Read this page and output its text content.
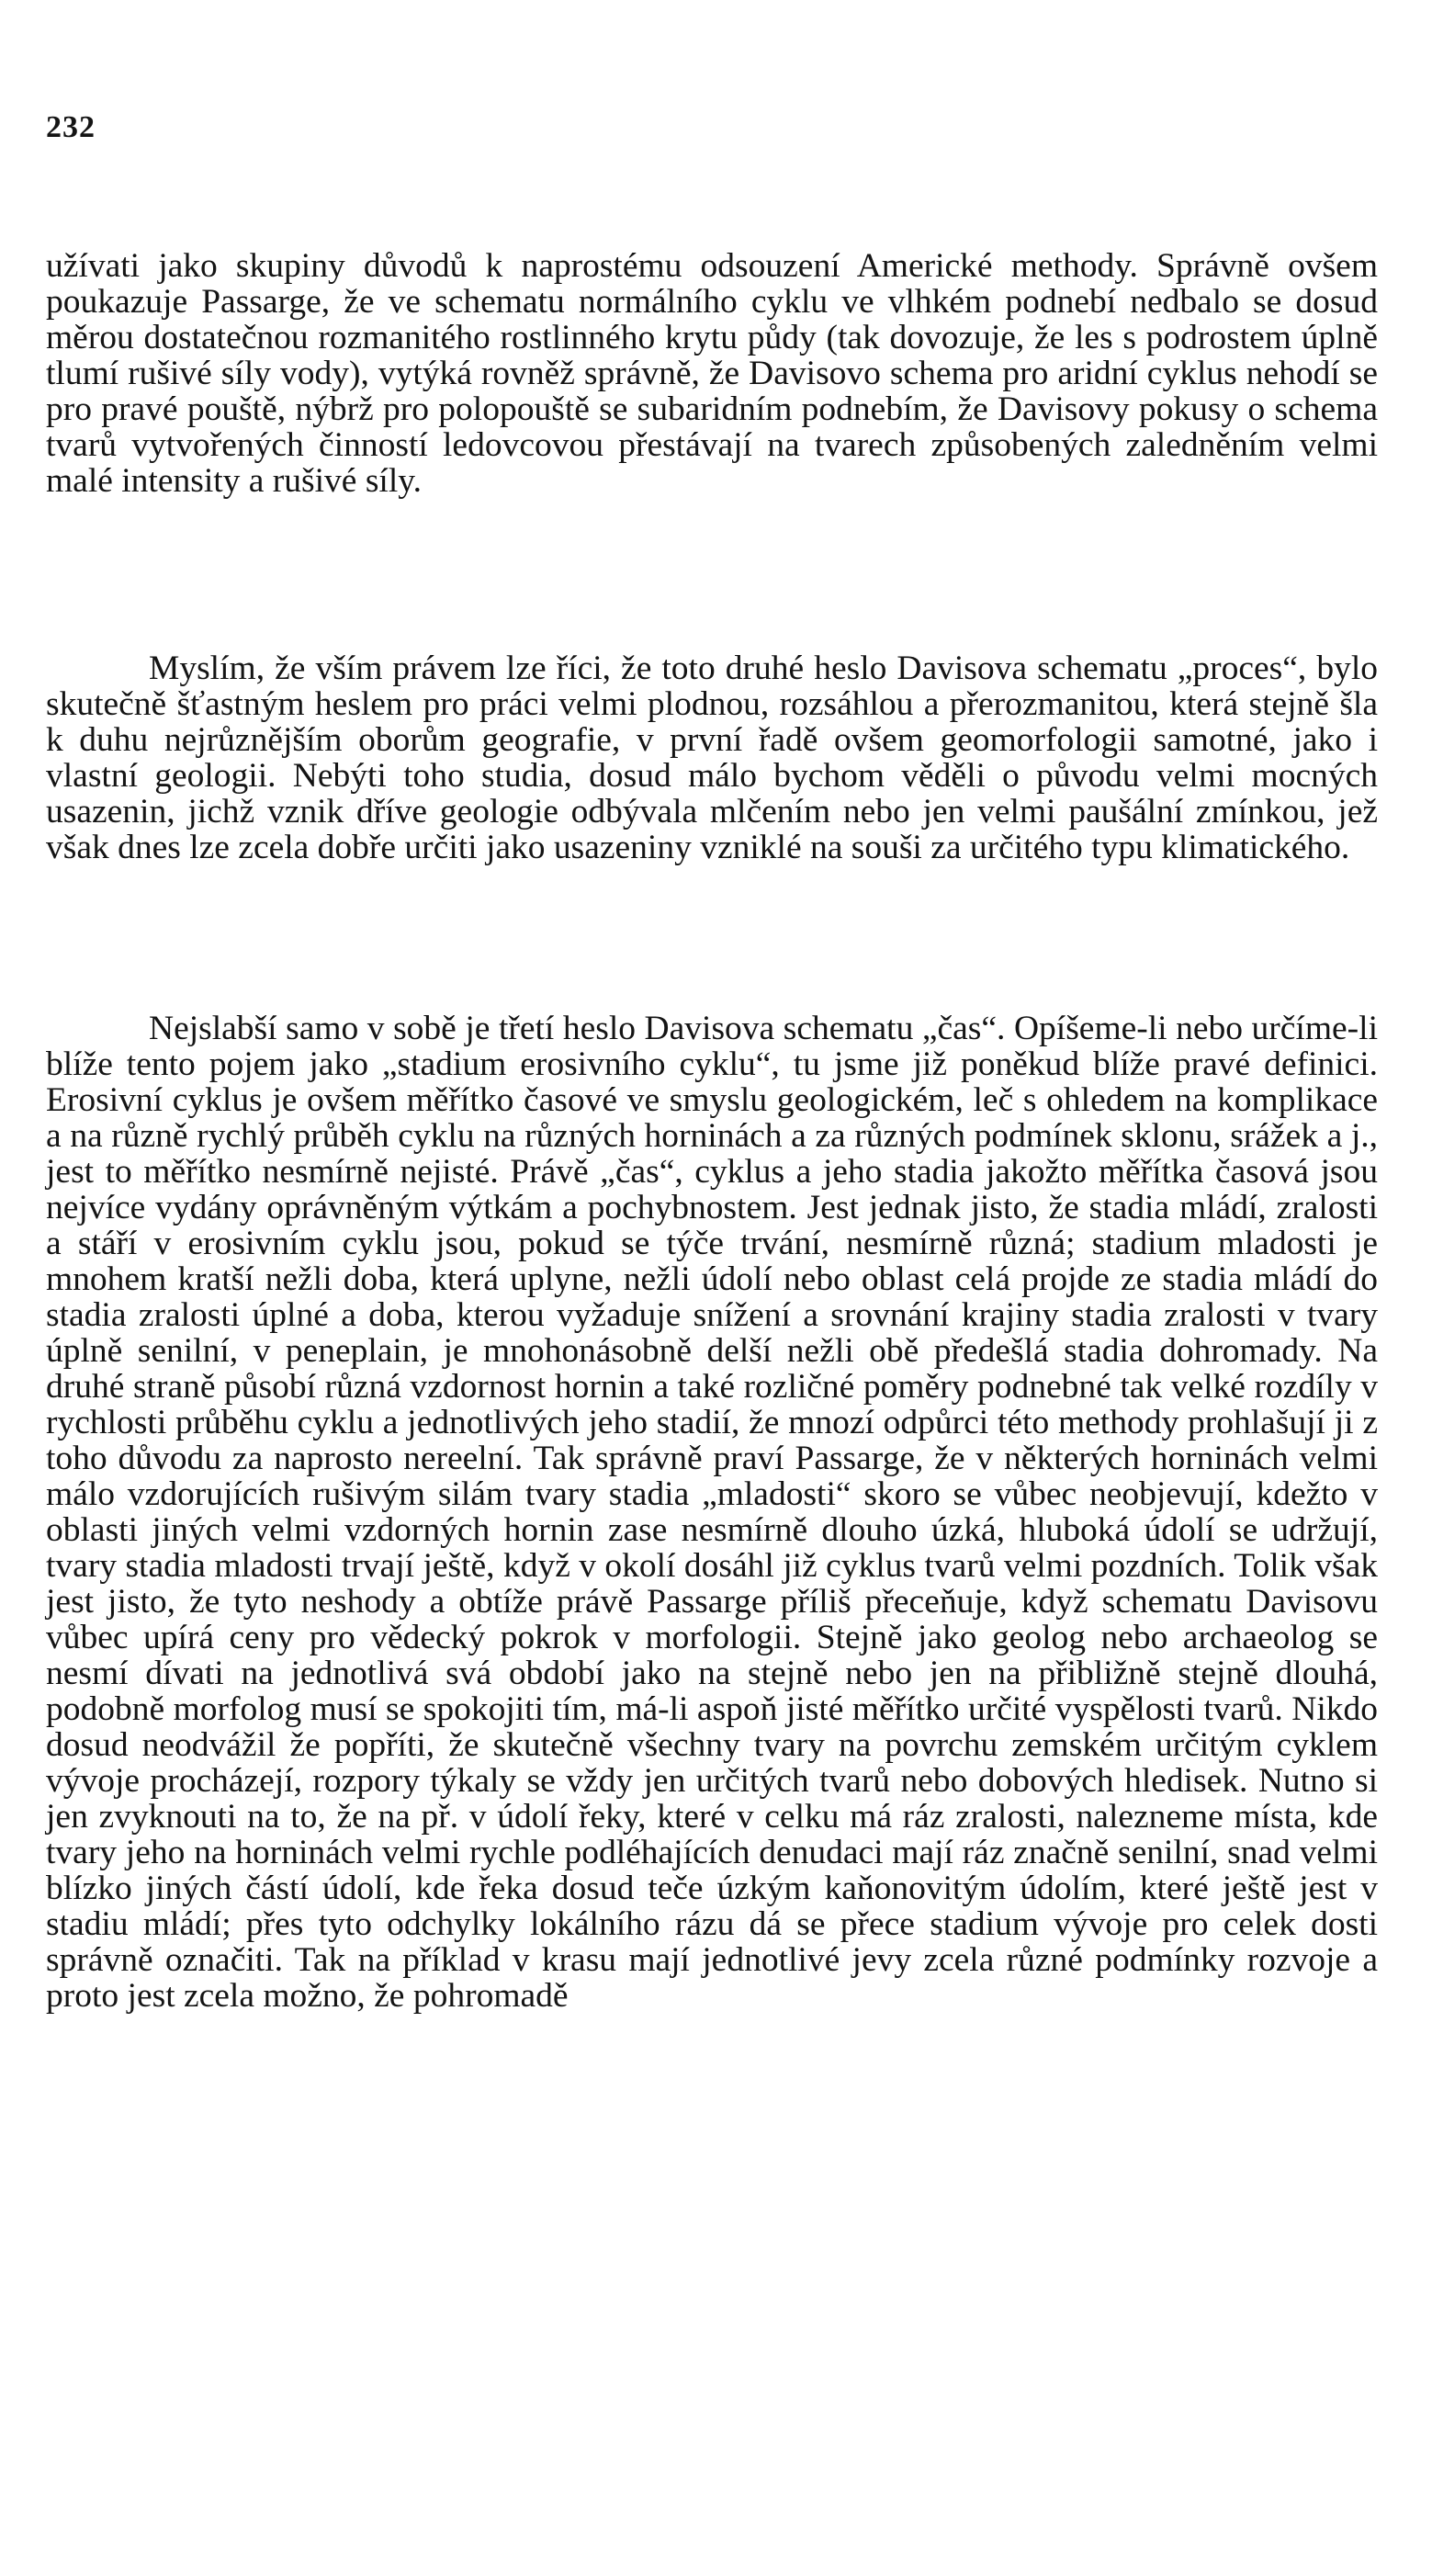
232

užívati jako skupiny důvodů k naprostému odsouzení Americké methody. Správně ovšem poukazuje Passarge, že ve schematu normálního cyklu ve vlhkém podnebí nedbalo se dosud měrou dostatečnou rozmanitého rostlinného krytu půdy (tak dovozuje, že les s podrostem úplně tlumí rušivé síly vody), vytýká rovněž správně, že Davisovo schema pro aridní cyklus nehodí se pro pravé pouště, nýbrž pro polopouště se subaridním podnebím, že Davisovy pokusy o schema tvarů vytvořených činností ledovcovou přestávají na tvarech způsobených zaledněním velmi malé intensity a rušivé síly.

Myslím, že vším právem lze říci, že toto druhé heslo Davisova schematu „proces“, bylo skutečně šťastným heslem pro práci velmi plodnou, rozsáhlou a přerozmanitou, která stejně šla k duhu nejrůznějším oborům geografie, v první řadě ovšem geomorfologii samotné, jako i vlastní geologii. Nebýti toho studia, dosud málo bychom věděli o původu velmi mocných usazenin, jichž vznik dříve geologie odbývala mlčením nebo jen velmi paušální zmínkou, jež však dnes lze zcela dobře určiti jako usazeniny vzniklé na souši za určitého typu klimatického.

Nejslabší samo v sobě je třetí heslo Davisova schematu „čas“. Opíšeme-li nebo určíme-li blíže tento pojem jako „stadium erosivního cyklu“, tu jsme již poněkud blíže pravé definici. Erosivní cyklus je ovšem měřítko časové ve smyslu geologickém, leč s ohledem na komplikace a na různě rychlý průběh cyklu na různých horninách a za různých podmínek sklonu, srážek a j., jest to měřítko nesmírně nejisté. Právě „čas“, cyklus a jeho stadia jakožto měřítka časová jsou nejvíce vydány oprávněným výtkám a pochybnostem. Jest jednak jisto, že stadia mládí, zralosti a stáří v erosivním cyklu jsou, pokud se týče trvání, nesmírně různá; stadium mladosti je mnohem kratší nežli doba, která uplyne, nežli údolí nebo oblast celá projde ze stadia mládí do stadia zralosti úplné a doba, kterou vyžaduje snížení a srovnání krajiny stadia zralosti v tvary úplně senilní, v peneplain, je mnohonásobně delší nežli obě předešlá stadia dohromady. Na druhé straně působí různá vzdornost hornin a také rozličné poměry podnebné tak velké rozdíly v rychlosti průběhu cyklu a jednotlivých jeho stadií, že mnozí odpůrci této methody prohlašují ji z toho důvodu za naprosto nereelní. Tak správně praví Passarge, že v některých horninách velmi málo vzdorujících rušivým silám tvary stadia „mladosti“ skoro se vůbec neobjevují, kdežto v oblasti jiných velmi vzdorných hornin zase nesmírně dlouho úzká, hluboká údolí se udržují, tvary stadia mladosti trvají ještě, když v okolí dosáhl již cyklus tvarů velmi pozdních. Tolik však jest jisto, že tyto neshody a obtíže právě Passarge příliš přeceňuje, když schematu Davisovu vůbec upírá ceny pro vědecký pokrok v morfologii. Stejně jako geolog nebo archaeolog se nesmí dívati na jednotlivá svá období jako na stejně nebo jen na přibližně stejně dlouhá, podobně morfolog musí se spokojiti tím, má-li aspoň jisté měřítko určité vyspělosti tvarů. Nikdo dosud neodvážil že popříti, že skutečně všechny tvary na povrchu zemském určitým cyklem vývoje procházejí, rozpory týkaly se vždy jen určitých tvarů nebo dobových hledisek. Nutno si jen zvyknouti na to, že na př. v údolí řeky, které v celku má ráz zralosti, nalezneme místa, kde tvary jeho na horninách velmi rychle podléhajících denudaci mají ráz značně senilní, snad velmi blízko jiných částí údolí, kde řeka dosud teče úzkým kaňonovitým údolím, které ještě jest v stadiu mládí; přes tyto odchylky lokálního rázu dá se přece stadium vývoje pro celek dosti správně označiti. Tak na příklad v krasu mají jednotlivé jevy zcela různé podmínky rozvoje a proto jest zcela možno, že pohromadě
